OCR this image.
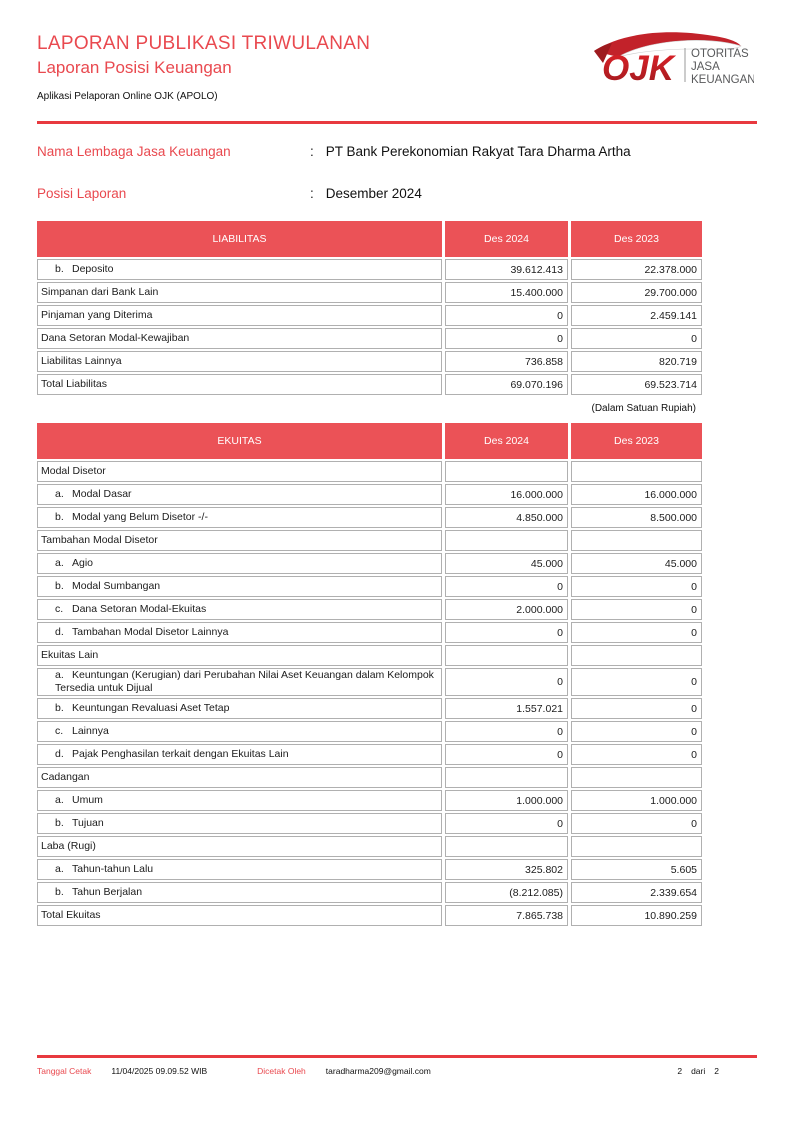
LAPORAN PUBLIKASI TRIWULANAN
Laporan Posisi Keuangan
Aplikasi Pelaporan Online OJK (APOLO)
OJK OTORITAS
JASA
KEUANGAN
Nama Lembaga Jasa Keuangan	: PT Bank Perekonomian Rakyat Tara Dharma Artha
Posisi Laporan	: Desember 2024
LIABILITAS	Des 2024	Des 2023
b. Deposito	39.612.413	22.378.000
Simpanan dari Bank Lain	15.400.000	29.700.000
Pinjaman yang Diterima	0	2.459.141
Dana Setoran Modal-Kewajiban	0	0
Liabilitas Lainnya	736.858	820.719
Total Liabilitas	69.070.196	69.523.714
(Dalam Satuan Rupiah)
EKUITAS	Des 2024	Des 2023
Modal Disetor		
a. Modal Dasar	16.000.000	16.000.000
b. Modal yang Belum Disetor -/-	4.850.000	8.500.000
Tambahan Modal Disetor		
a. Agio	45.000	45.000
b. Modal Sumbangan	0	0
c. Dana Setoran Modal-Ekuitas	2.000.000	0
d. Tambahan Modal Disetor Lainnya	0	0
Ekuitas Lain		
a. Keuntungan (Kerugian) dari Perubahan Nilai Aset Keuangan dalam Kelompok Tersedia untuk Dijual	0	0
b. Keuntungan Revaluasi Aset Tetap	1.557.021	0
c. Lainnya	0	0
d. Pajak Penghasilan terkait dengan Ekuitas Lain	0	0
Cadangan		
a. Umum	1.000.000	1.000.000
b. Tujuan	0	0
Laba (Rugi)		
a. Tahun-tahun Lalu	325.802	5.605
b. Tahun Berjalan	(8.212.085)	2.339.654
Total Ekuitas	7.865.738	10.890.259
Tanggal Cetak 11/04/2025 09.09.52 WIB	Dicetak Oleh taradharma209@gmail.com	2 dari 2
